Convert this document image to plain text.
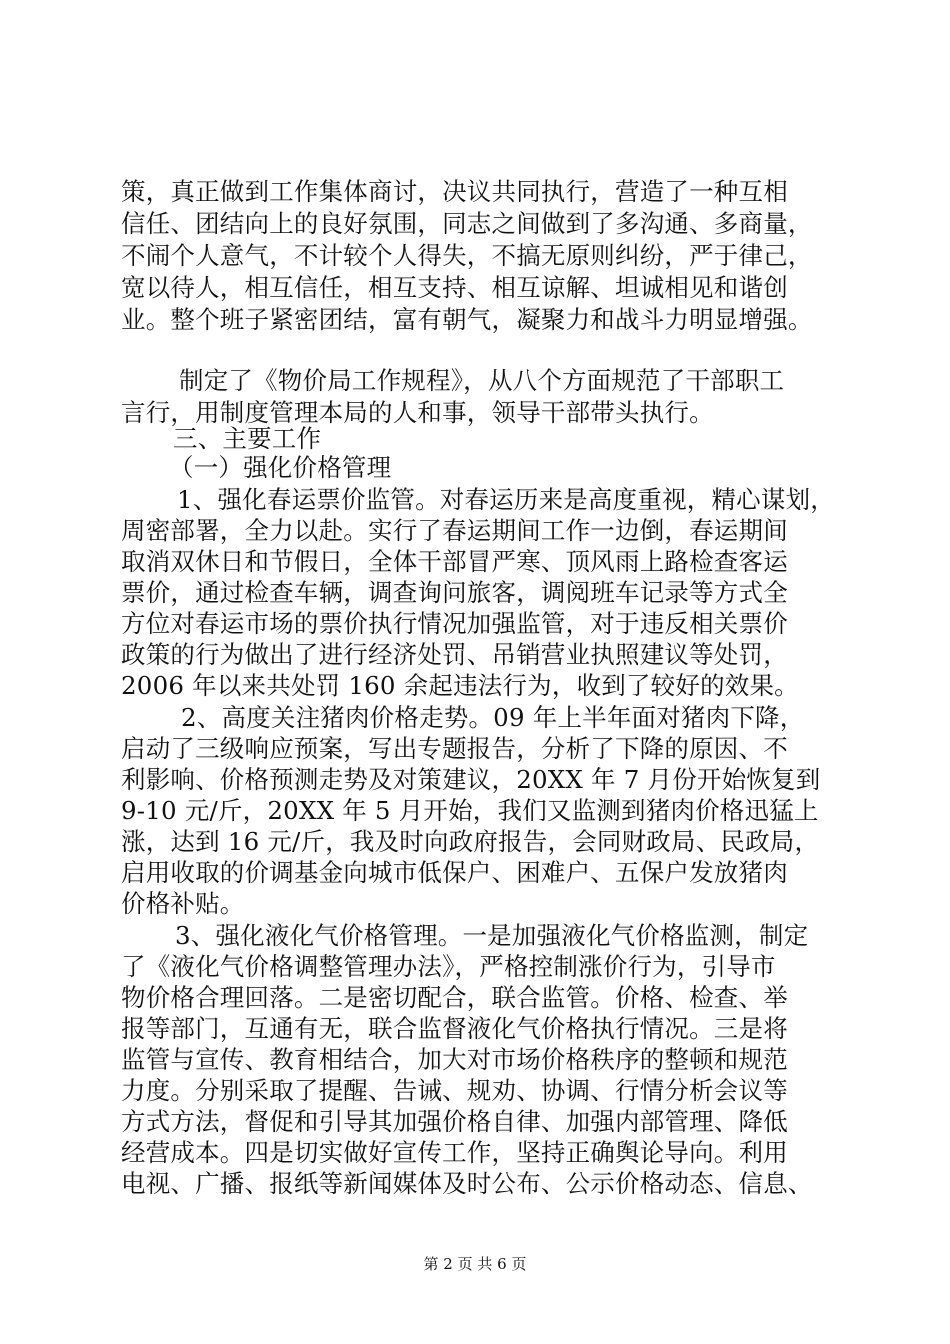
策，真正做到工作集体商讨，决议共同执行，营造了一种互相
信任、团结向上的良好氛围，同志之间做到了多沟通、多商量，
不闹个人意气，不计较个人得失，不搞无原则纠纷，严于律己，
宽以待人，相互信任，相互支持、相互谅解、坦诚相见和谐创
业。整个班子紧密团结，富有朝气，凝聚力和战斗力明显增强。
制定了《物价局工作规程》，从八个方面规范了干部职工
言行，用制度管理本局的人和事，领导干部带头执行。
三、主要工作
（一）强化价格管理
1、强化春运票价监管。对春运历来是高度重视，精心谋划，
周密部署，全力以赴。实行了春运期间工作一边倒，春运期间
取消双休日和节假日，全体干部冒严寒、顶风雨上路检查客运
票价，通过检查车辆，调查询问旅客，调阅班车记录等方式全
方位对春运市场的票价执行情况加强监管，对于违反相关票价
政策的行为做出了进行经济处罚、吊销营业执照建议等处罚，
2006 年以来共处罚 160 余起违法行为，收到了较好的效果。
2、高度关注猪肉价格走势。09 年上半年面对猪肉下降，
启动了三级响应预案，写出专题报告，分析了下降的原因、不
利影响、价格预测走势及对策建议，20XX 年 7 月份开始恢复到
9-10 元/斤，20XX 年 5 月开始，我们又监测到猪肉价格迅猛上
涨，达到 16 元/斤，我及时向政府报告，会同财政局、民政局，
启用收取的价调基金向城市低保户、困难户、五保户发放猪肉
价格补贴。
3、强化液化气价格管理。一是加强液化气价格监测，制定
了《液化气价格调整管理办法》，严格控制涨价行为，引导市
物价格合理回落。二是密切配合，联合监管。价格、检查、举
报等部门，互通有无，联合监督液化气价格执行情况。三是将
监管与宣传、教育相结合，加大对市场价格秩序的整顿和规范
力度。分别采取了提醒、告诫、规劝、协调、行情分析会议等
方式方法，督促和引导其加强价格自律、加强内部管理、降低
经营成本。四是切实做好宣传工作，坚持正确舆论导向。利用
电视、广播、报纸等新闻媒体及时公布、公示价格动态、信息、
第 2 页 共 6 页
